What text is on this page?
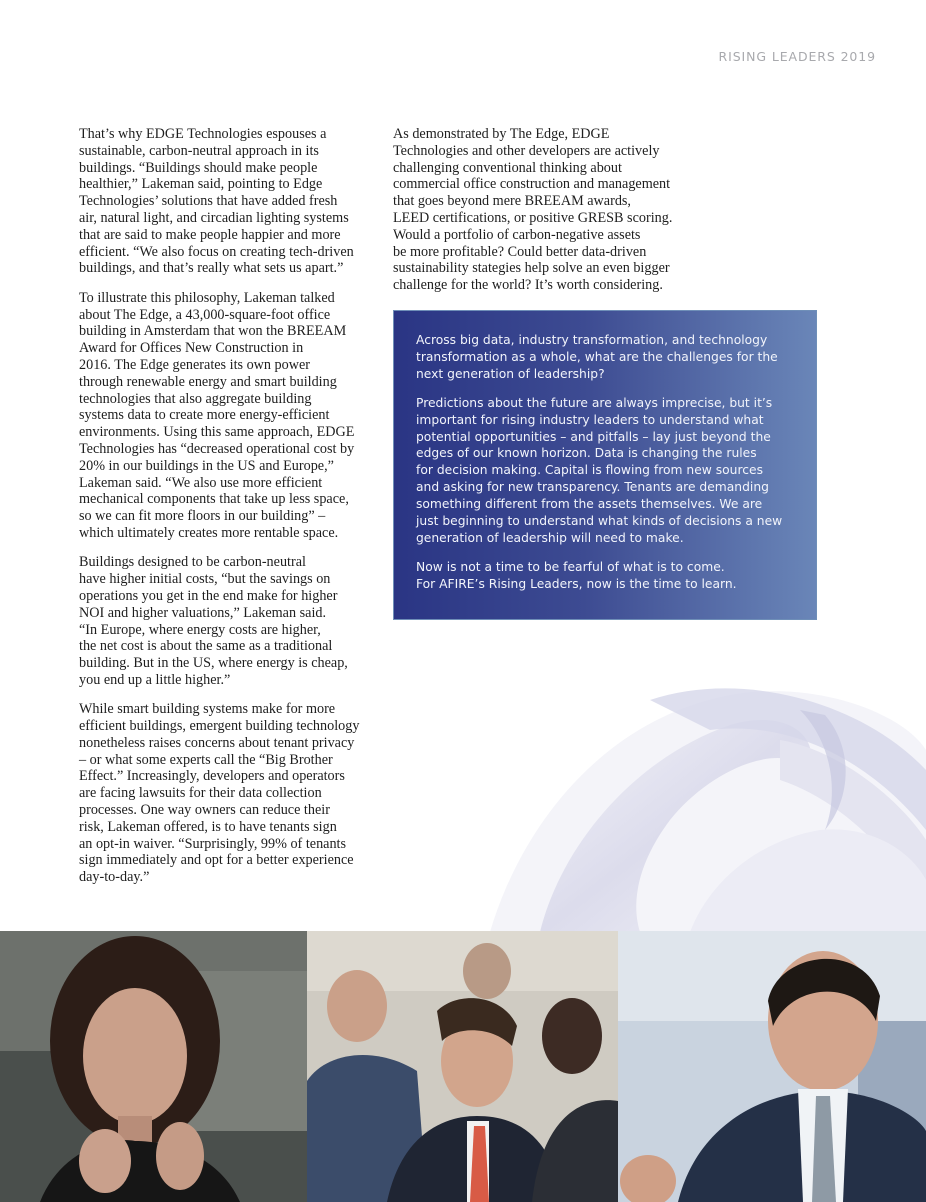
RISING LEADERS 2019

That’s why EDGE Technologies espouses a
sustainable, carbon-neutral approach in its
buildings. “Buildings should make people
healthier,” Lakeman said, pointing to Edge
Technologies’ solutions that have added fresh
air, natural light, and circadian lighting systems
that are said to make people happier and more
efficient. “We also focus on creating tech-driven
buildings, and that’s really what sets us apart.”

To illustrate this philosophy, Lakeman talked
about The Edge, a 43,000-square-foot office
building in Amsterdam that won the BREEAM
Award for Offices New Construction in
2016. The Edge generates its own power
through renewable energy and smart building
technologies that also aggregate building
systems data to create more energy-efficient
environments. Using this same approach, EDGE
Technologies has “decreased operational cost by
20% in our buildings in the US and Europe,”
Lakeman said. “We also use more efficient
mechanical components that take up less space,
so we can fit more floors in our building” –
which ultimately creates more rentable space.

Buildings designed to be carbon-neutral
have higher initial costs, “but the savings on
operations you get in the end make for higher
NOI and higher valuations,” Lakeman said.
“In Europe, where energy costs are higher,
the net cost is about the same as a traditional
building. But in the US, where energy is cheap,
you end up a little higher.”

While smart building systems make for more
efficient buildings, emergent building technology
nonetheless raises concerns about tenant privacy
– or what some experts call the “Big Brother
Effect.” Increasingly, developers and operators
are facing lawsuits for their data collection
processes. One way owners can reduce their
risk, Lakeman offered, is to have tenants sign
an opt-in waiver. “Surprisingly, 99% of tenants
sign immediately and opt for a better experience
day-to-day.”

As demonstrated by The Edge, EDGE
Technologies and other developers are actively
challenging conventional thinking about
commercial office construction and management
that goes beyond mere BREEAM awards,
LEED certifications, or positive GRESB scoring.
Would a portfolio of carbon-negative assets
be more profitable? Could better data-driven
sustainability stategies help solve an even bigger
challenge for the world? It’s worth considering.

Across big data, industry transformation, and technology
transformation as a whole, what are the challenges for the
next generation of leadership?

Predictions about the future are always imprecise, but it’s
important for rising industry leaders to understand what
potential opportunities – and pitfalls – lay just beyond the
edges of our known horizon. Data is changing the rules
for decision making. Capital is flowing from new sources
and asking for new transparency. Tenants are demanding
something different from the assets themselves. We are
just beginning to understand what kinds of decisions a new
generation of leadership will need to make.

Now is not a time to be fearful of what is to come.
For AFIRE’s Rising Leaders, now is the time to learn.
